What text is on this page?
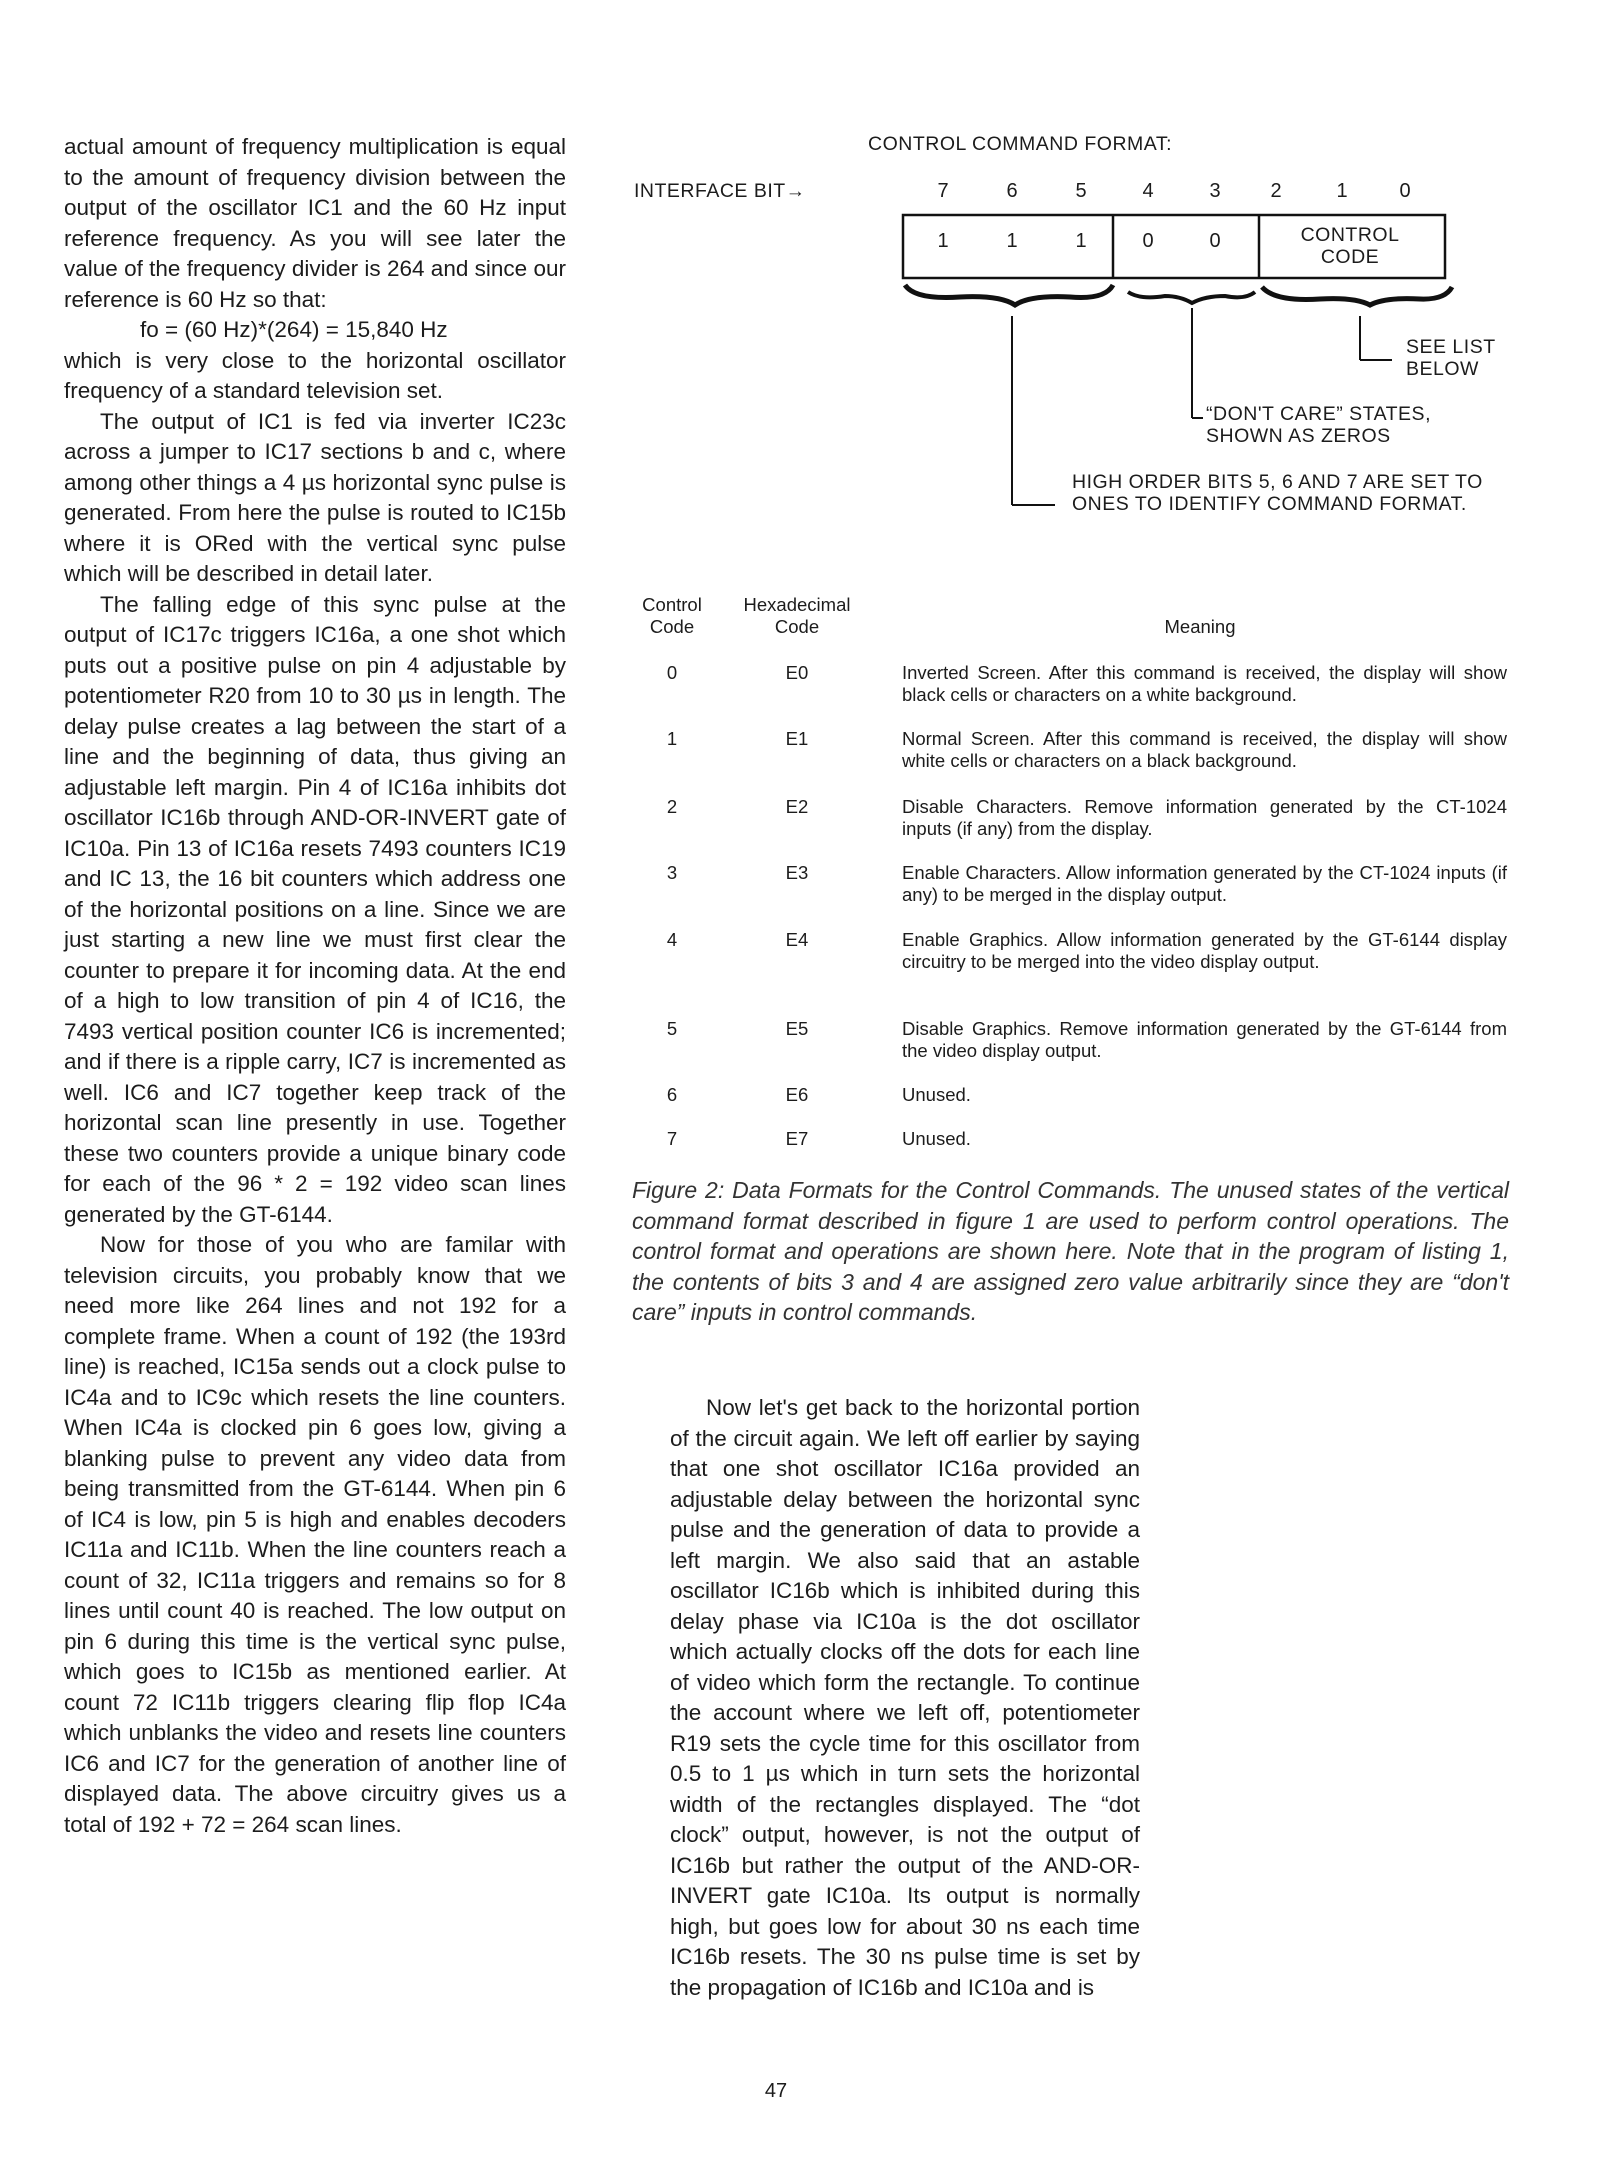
actual amount of frequency multiplication is equal to the amount of frequency division between the output of the oscillator IC1 and the 60 Hz input reference frequency. As you will see later the value of the frequency divider is 264 and since our reference is 60 Hz so that:

fo = (60 Hz)*(264) = 15,840 Hz

which is very close to the horizontal oscillator frequency of a standard television set.

The output of IC1 is fed via inverter IC23c across a jumper to IC17 sections b and c, where among other things a 4 µs horizontal sync pulse is generated. From here the pulse is routed to IC15b where it is ORed with the vertical sync pulse which will be described in detail later.

The falling edge of this sync pulse at the output of IC17c triggers IC16a, a one shot which puts out a positive pulse on pin 4 adjustable by potentiometer R20 from 10 to 30 µs in length. The delay pulse creates a lag between the start of a line and the beginning of data, thus giving an adjustable left margin. Pin 4 of IC16a inhibits dot oscillator IC16b through AND-OR-INVERT gate of IC10a. Pin 13 of IC16a resets 7493 counters IC19 and IC 13, the 16 bit counters which address one of the horizontal positions on a line. Since we are just starting a new line we must first clear the counter to prepare it for incoming data. At the end of a high to low transition of pin 4 of IC16, the 7493 vertical position counter IC6 is incremented; and if there is a ripple carry, IC7 is incremented as well. IC6 and IC7 together keep track of the horizontal scan line presently in use. Together these two counters provide a unique binary code for each of the 96 * 2 = 192 video scan lines generated by the GT-6144.

Now for those of you who are familar with television circuits, you probably know that we need more like 264 lines and not 192 for a complete frame. When a count of 192 (the 193rd line) is reached, IC15a sends out a clock pulse to IC4a and to IC9c which resets the line counters. When IC4a is clocked pin 6 goes low, giving a blanking pulse to prevent any video data from being transmitted from the GT-6144. When pin 6 of IC4 is low, pin 5 is high and enables decoders IC11a and IC11b. When the line counters reach a count of 32, IC11a triggers and remains so for 8 lines until count 40 is reached. The low output on pin 6 during this time is the vertical sync pulse, which goes to IC15b as mentioned earlier. At count 72 IC11b triggers clearing flip flop IC4a which unblanks the video and resets line counters IC6 and IC7 for the generation of another line of displayed data. The above circuitry gives us a total of 192 + 72 = 264 scan lines.

CONTROL COMMAND FORMAT:
INTERFACE BIT→	7	6	5	4	3	2	1	0
1	1	1	0	0	CONTROL CODE
SEE LIST BELOW
“DON'T CARE” STATES, SHOWN AS ZEROS
HIGH ORDER BITS 5, 6 AND 7 ARE SET TO ONES TO IDENTIFY COMMAND FORMAT.
Control Code
Hexadecimal Code	Meaning
0	E0	Inverted Screen. After this command is received, the display will show black cells or characters on a white background.
1	E1	Normal Screen. After this command is received, the display will show white cells or characters on a black background.
2	E2	Disable Characters. Remove information generated by the CT-1024 inputs (if any) from the display.
3	E3	Enable Characters. Allow information generated by the CT-1024 inputs (if any) to be merged in the display output.
4	E4	Enable Graphics. Allow information generated by the GT-6144 display circuitry to be merged into the video display output.
5	E5	Disable Graphics. Remove information generated by the GT-6144 from the video display output.
6	E6	Unused.
7	E7	Unused.
Figure 2: Data Formats for the Control Commands. The unused states of the vertical command format described in figure 1 are used to perform control operations. The control format and operations are shown here. Note that in the program of listing 1, the contents of bits 3 and 4 are assigned zero value arbitrarily since they are “don't care” inputs in control commands.

Now let's get back to the horizontal portion of the circuit again. We left off earlier by saying that one shot oscillator IC16a provided an adjustable delay between the horizontal sync pulse and the generation of data to provide a left margin. We also said that an astable oscillator IC16b which is inhibited during this delay phase via IC10a is the dot oscillator which actually clocks off the dots for each line of video which form the rectangle. To continue the account where we left off, potentiometer R19 sets the cycle time for this oscillator from 0.5 to 1 µs which in turn sets the horizontal width of the rectangles displayed. The “dot clock” output, however, is not the output of IC16b but rather the output of the AND-OR-INVERT gate IC10a. Its output is normally high, but goes low for about 30 ns each time IC16b resets. The 30 ns pulse time is set by the propagation of IC16b and IC10a and is

47
